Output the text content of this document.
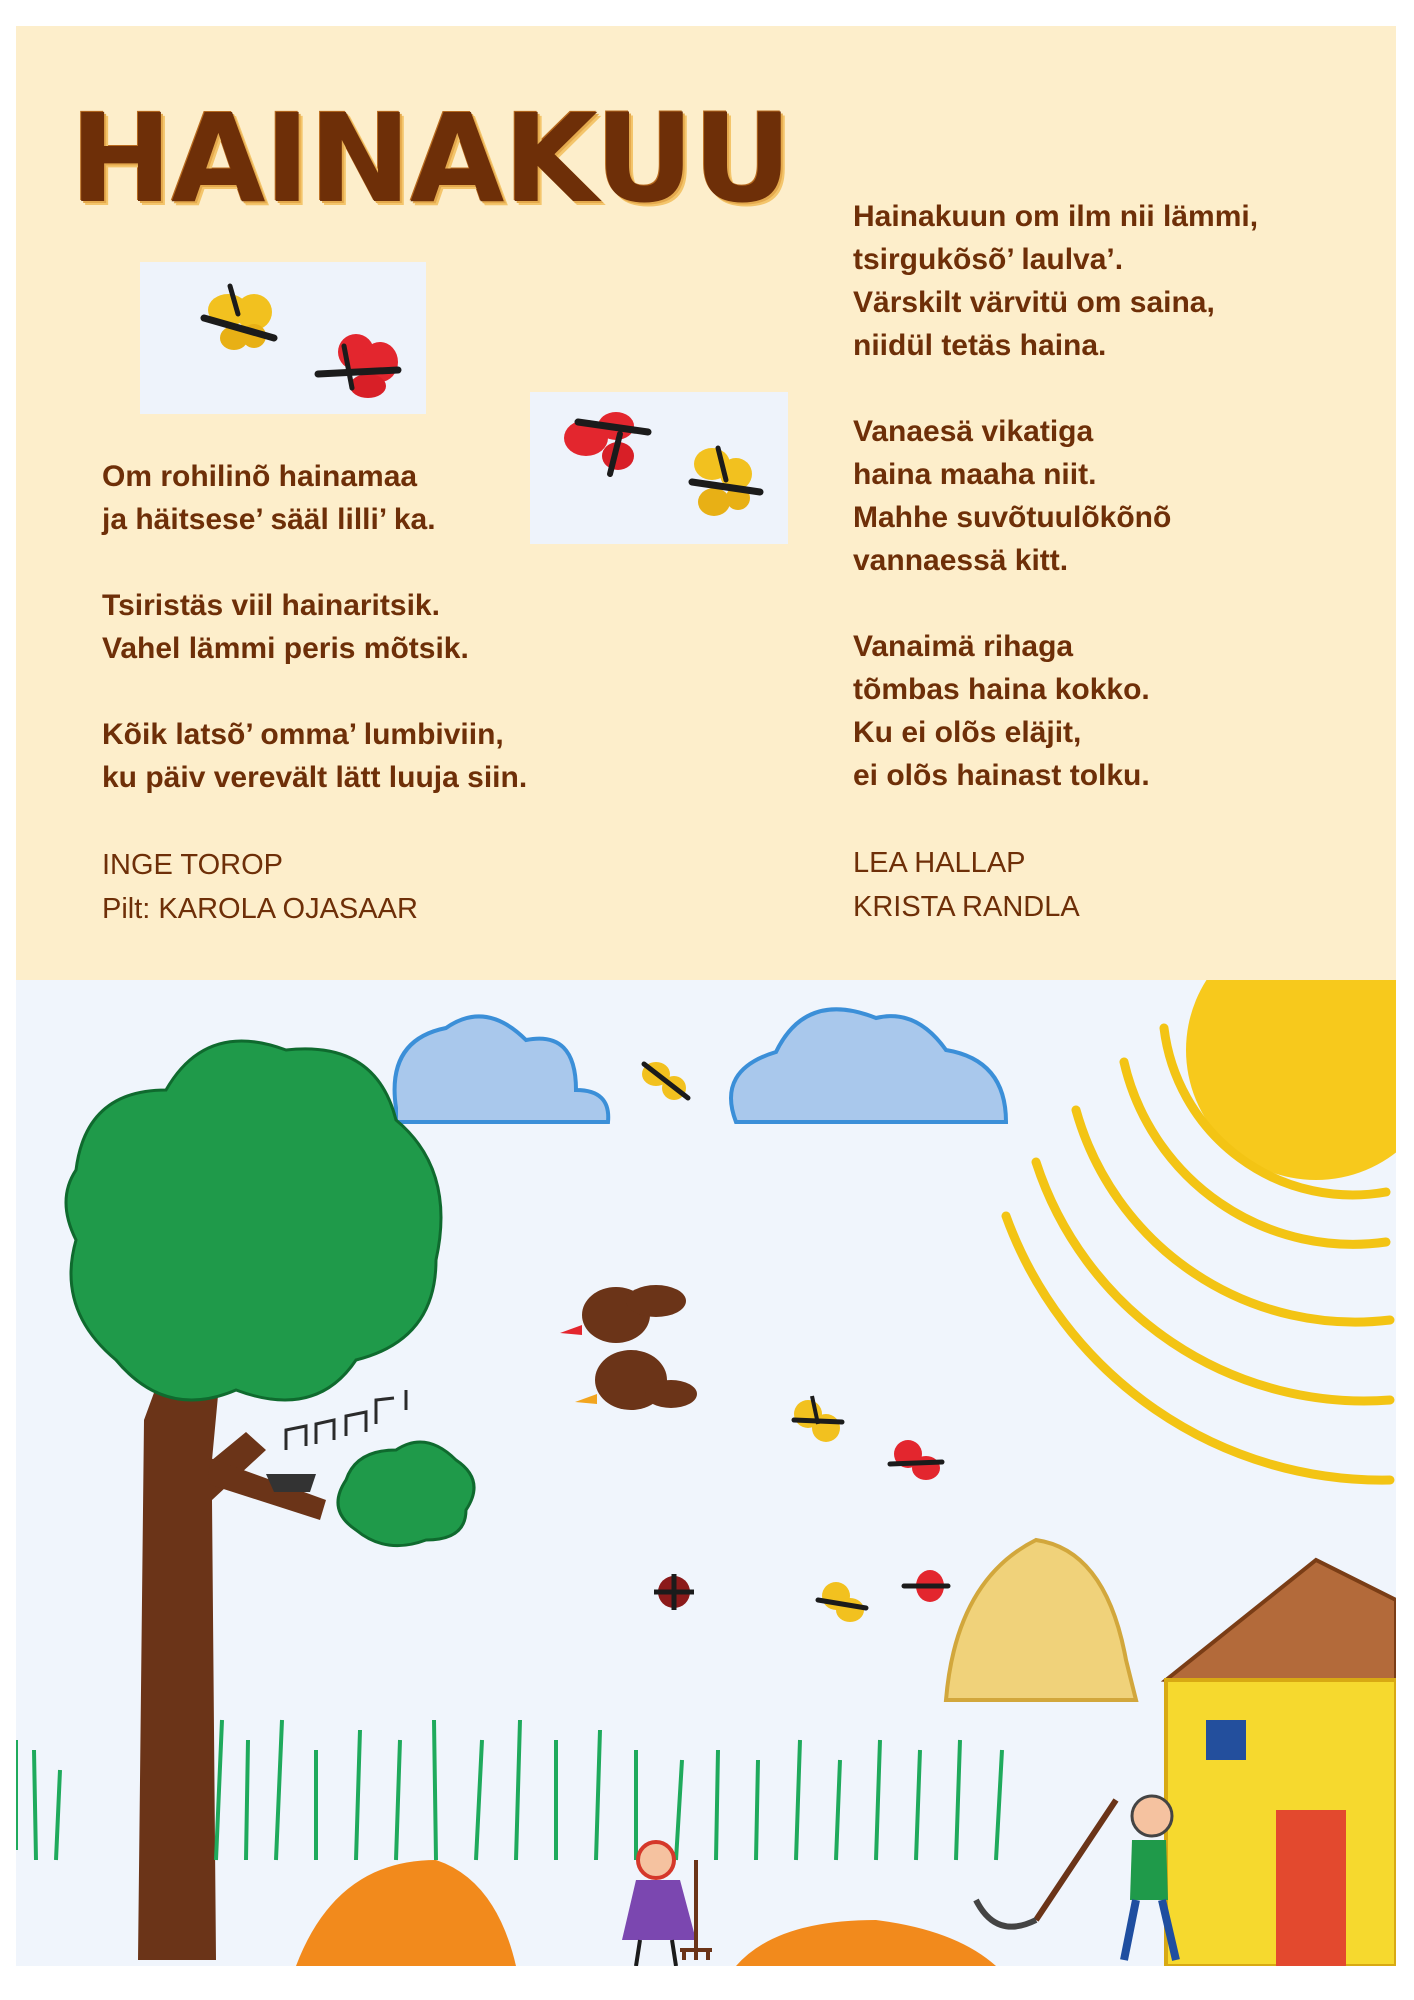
HAINAKUU
Om rohilinõ hainamaa
ja häitsese’ sääl lilli’ ka.
Tsiristäs viil hainaritsik.
Vahel lämmi peris mõtsik.
Kõik latsõ’ omma’ lumbiviin,
ku päiv verevält lätt luuja siin.
INGE TOROP
Pilt: KAROLA OJASAAR
Hainakuun om ilm nii lämmi,
tsirgukõsõ’ laulva’.
Värskilt värvitü om saina,
niidül tetäs haina.
Vanaesä vikatiga
haina maaha niit.
Mahhe suvõtuulõkõnõ
vannaessä kitt.
Vanaimä rihaga
tõmbas haina kokko.
Ku ei olõs eläjit,
ei olõs hainast tolku.
LEA HALLAP
KRISTA RANDLA
